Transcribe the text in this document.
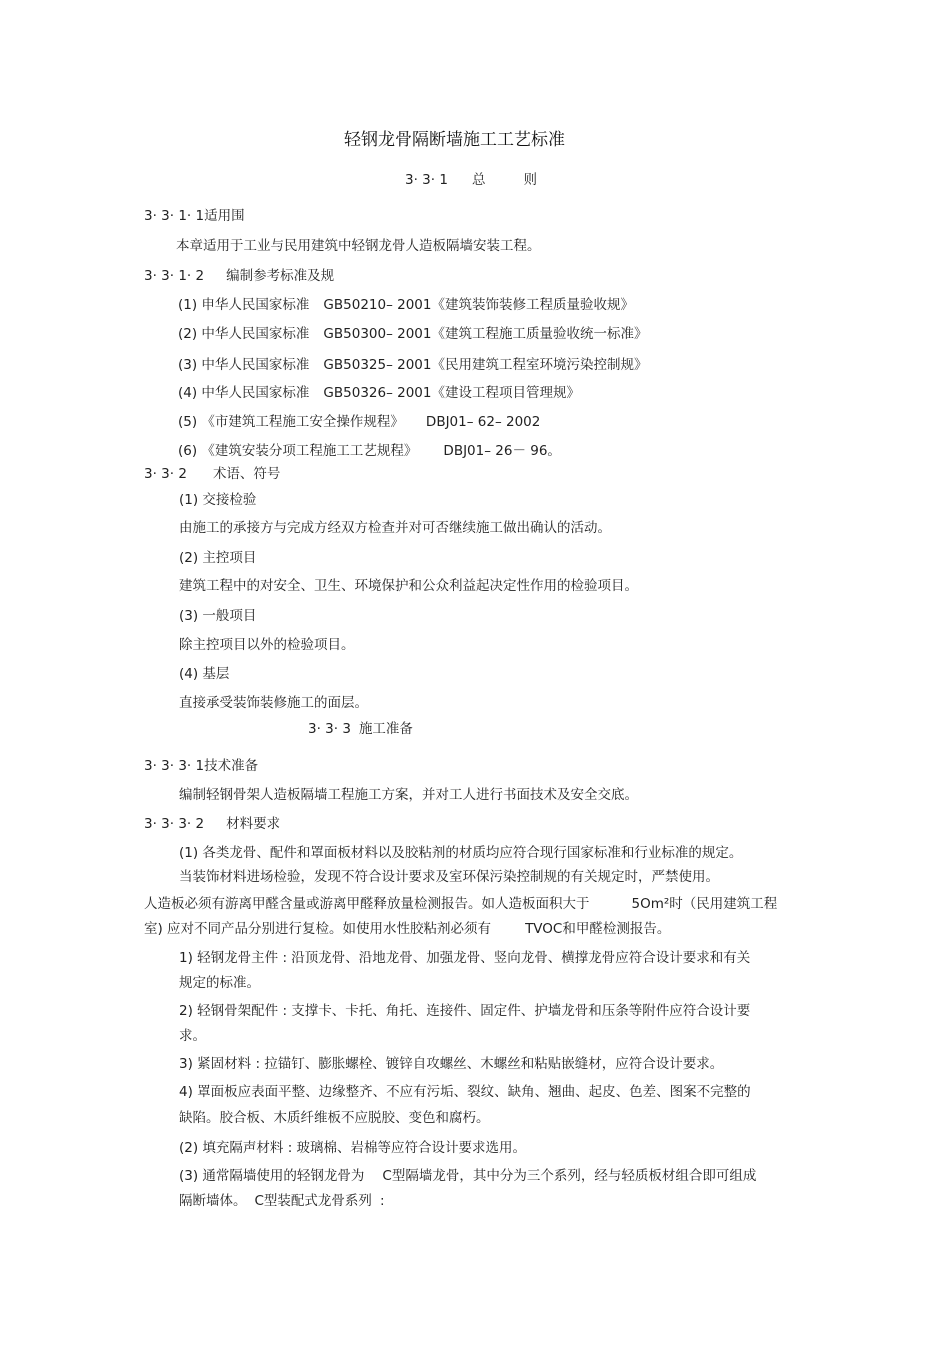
轻钢龙骨隔断墙施工工艺标准
3· 3· 1 总	则
3· 3· 1· 1适用围
本章适用于工业与民用建筑中轻钢龙骨人造板隔墙安装工程。
3· 3· 1· 2 编制参考标准及规
(1) 申华人民国家标准 GB50210– 2001《建筑装饰装修工程质量验收规》
(2) 中华人民国家标准 GB50300– 2001《建筑工程施工质量验收统一标准》
(3) 中华人民国家标准 GB50325– 2001《民用建筑工程室环境污染控制规》
(4) 中华人民国家标准 GB50326– 2001《建设工程项目管理规》
(5) 《市建筑工程施工安全操作规程》 DBJ01– 62– 2002
(6) 《建筑安装分项工程施工工艺规程》 DBJ01– 26－ 96。
3· 3· 2 术语、符号
(1) 交接检验
由施工的承接方与完成方经双方检查并对可否继续施工做出确认的活动。
(2) 主控项目
建筑工程中的对安全、卫生、环境保护和公众利益起决定性作用的检验项目。
(3) 一般项目
除主控项目以外的检验项目。
(4) 基层
直接承受装饰装修施工的面层。
3· 3· 3 施工准备
3· 3· 3· 1技术准备
编制轻钢骨架人造板隔墙工程施工方案，并对工人进行书面技术及安全交底。
3· 3· 3· 2 材料要求
(1) 各类龙骨、配件和罩面板材料以及胶粘剂的材质均应符合现行国家标准和行业标准的规定。
当装饰材料进场检验，发现不符合设计要求及室环保污染控制规的有关规定时，严禁使用。
人造板必须有游离甲醛含量或游离甲醛释放量检测报告。如人造板面积大于	5Om²时（民用建筑工程
室) 应对不同产品分别进行复检。如使用水性胶粘剂必须有	TVOC和甲醛检测报告。
1) 轻钢龙骨主件 : 沿顶龙骨、沿地龙骨、加强龙骨、竖向龙骨、横撑龙骨应符合设计要求和有关
规定的标准。
2) 轻钢骨架配件 : 支撑卡、卡托、角托、连接件、固定件、护墙龙骨和压条等附件应符合设计要
求。
3) 紧固材料 : 拉锚钉、膨胀螺栓、镀锌自攻螺丝、木螺丝和粘贴嵌缝材，应符合设计要求。
4) 罩面板应表面平整、边缘整齐、不应有污垢、裂纹、缺角、翘曲、起皮、色差、图案不完整的
缺陷。胶合板、木质纤维板不应脱胶、变色和腐朽。
(2) 填充隔声材料 : 玻璃棉、岩棉等应符合设计要求选用。
(3) 通常隔墙使用的轻钢龙骨为 C型隔墙龙骨，其中分为三个系列，经与轻质板材组合即可组成
隔断墙体。 C型装配式龙骨系列 :
